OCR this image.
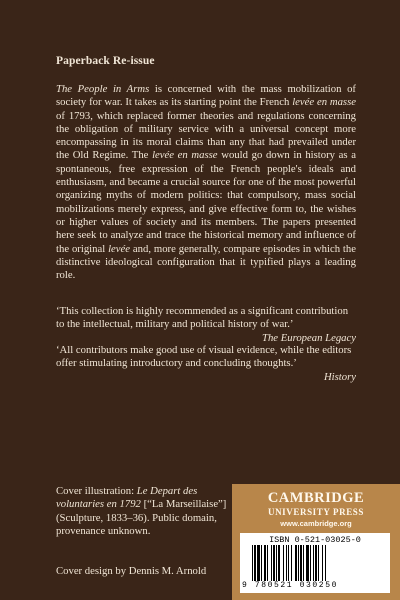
Paperback Re-issue
The People in Arms is concerned with the mass mobilization of society for war. It takes as its starting point the French levée en masse of 1793, which replaced former theories and regulations concerning the obligation of military service with a universal concept more encompassing in its moral claims than any that had prevailed under the Old Regime. The levée en masse would go down in history as a spontaneous, free expression of the French people's ideals and enthusiasm, and became a crucial source for one of the most powerful organizing myths of modern politics: that compulsory, mass social mobilizations merely express, and give effective form to, the wishes or higher values of society and its members. The papers presented here seek to analyze and trace the historical memory and influence of the original levée and, more generally, compare episodes in which the distinctive ideological configuration that it typified plays a leading role.
‘This collection is highly recommended as a significant contribution to the intellectual, military and political history of war.’
The European Legacy
‘All contributors make good use of visual evidence, while the editors offer stimulating introductory and concluding thoughts.’
History
Cover illustration: Le Depart des voluntaries en 1792 [“La Marseillaise”] (Sculpture, 1833–36). Public domain, provenance unknown.
Cover design by Dennis M. Arnold
CAMBRIDGE
UNIVERSITY PRESS
www.cambridge.org
ISBN 0-521-03025-0
9 780521 030250
